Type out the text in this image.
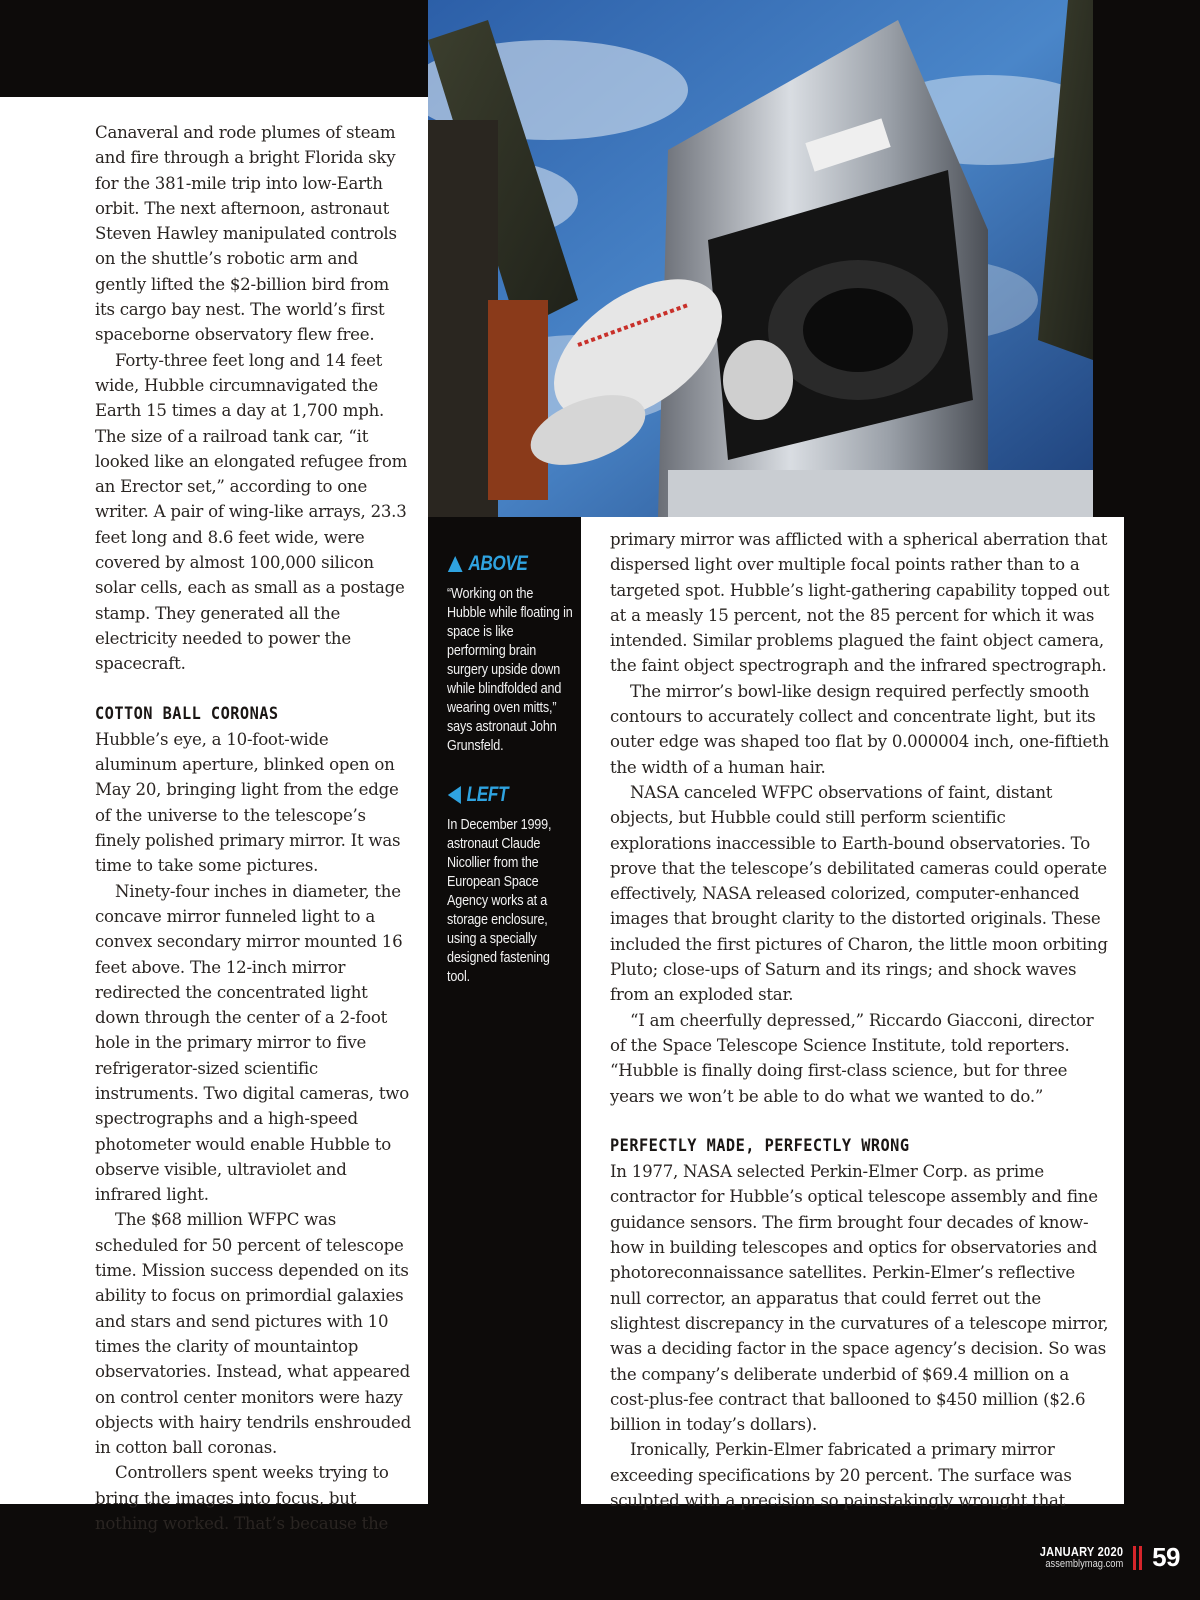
Canaveral and rode plumes of steam and fire through a bright Florida sky for the 381-mile trip into low-Earth orbit. The next afternoon, astronaut Steven Hawley manipulated controls on the shuttle’s robotic arm and gently lifted the $2-billion bird from its cargo bay nest. The world’s first spaceborne observatory flew free.

Forty-three feet long and 14 feet wide, Hubble circumnavigated the Earth 15 times a day at 1,700 mph. The size of a railroad tank car, “it looked like an elongated refugee from an Erector set,” according to one writer. A pair of wing-like arrays, 23.3 feet long and 8.6 feet wide, were covered by almost 100,000 silicon solar cells, each as small as a postage stamp. They generated all the electricity needed to power the spacecraft.

COTTON BALL CORONAS

Hubble’s eye, a 10-foot-wide aluminum aperture, blinked open on May 20, bringing light from the edge of the universe to the telescope’s finely polished primary mirror. It was time to take some pictures.

Ninety-four inches in diameter, the concave mirror funneled light to a convex secondary mirror mounted 16 feet above. The 12-inch mirror redirected the concentrated light down through the center of a 2-foot hole in the primary mirror to five refrigerator-sized scientific instruments. Two digital cameras, two spectrographs and a high-speed photometer would enable Hubble to observe visible, ultraviolet and infrared light.

The $68 million WFPC was scheduled for 50 percent of telescope time. Mission success depended on its ability to focus on primordial galaxies and stars and send pictures with 10 times the clarity of mountaintop observatories. Instead, what appeared on control center monitors were hazy objects with hairy tendrils enshrouded in cotton ball coronas.

Controllers spent weeks trying to bring the images into focus, but nothing worked. That’s because the

primary mirror was afflicted with a spherical aberration that dispersed light over multiple focal points rather than to a targeted spot. Hubble’s light-gathering capability topped out at a measly 15 percent, not the 85 percent for which it was intended. Similar problems plagued the faint object camera, the faint object spectrograph and the infrared spectrograph.

The mirror’s bowl-like design required perfectly smooth contours to accurately collect and concentrate light, but its outer edge was shaped too flat by 0.000004 inch, one-fiftieth the width of a human hair.

NASA canceled WFPC observations of faint, distant objects, but Hubble could still perform scientific explorations inaccessible to Earth-bound observatories. To prove that the telescope’s debilitated cameras could operate effectively, NASA released colorized, computer-enhanced images that brought clarity to the distorted originals. These included the first pictures of Charon, the little moon orbiting Pluto; close-ups of Saturn and its rings; and shock waves from an exploded star.

“I am cheerfully depressed,” Riccardo Giacconi, director of the Space Telescope Science Institute, told reporters. “Hubble is finally doing first-class science, but for three years we won’t be able to do what we wanted to do.”

PERFECTLY MADE, PERFECTLY WRONG

In 1977, NASA selected Perkin-Elmer Corp. as prime contractor for Hubble’s optical telescope assembly and fine guidance sensors. The firm brought four decades of know-how in building telescopes and optics for observatories and photoreconnaissance satellites. Perkin-Elmer’s reflective null corrector, an apparatus that could ferret out the slightest discrepancy in the curvatures of a telescope mirror, was a deciding factor in the space agency’s decision. So was the company’s deliberate underbid of $69.4 million on a cost-plus-fee contract that ballooned to $450 million ($2.6 billion in today’s dollars).

Ironically, Perkin-Elmer fabricated a primary mirror exceeding specifications by 20 percent. The surface was sculpted with a precision so painstakingly wrought that

ABOVE
“Working on the Hubble while floating in space is like performing brain surgery upside down while blindfolded and wearing oven mitts,” says astronaut John Grunsfeld.
LEFT
In December 1999, astronaut Claude Nicollier from the European Space Agency works at a storage enclosure, using a specially designed fastening tool.
JANUARY 2020
assemblymag.com 59
